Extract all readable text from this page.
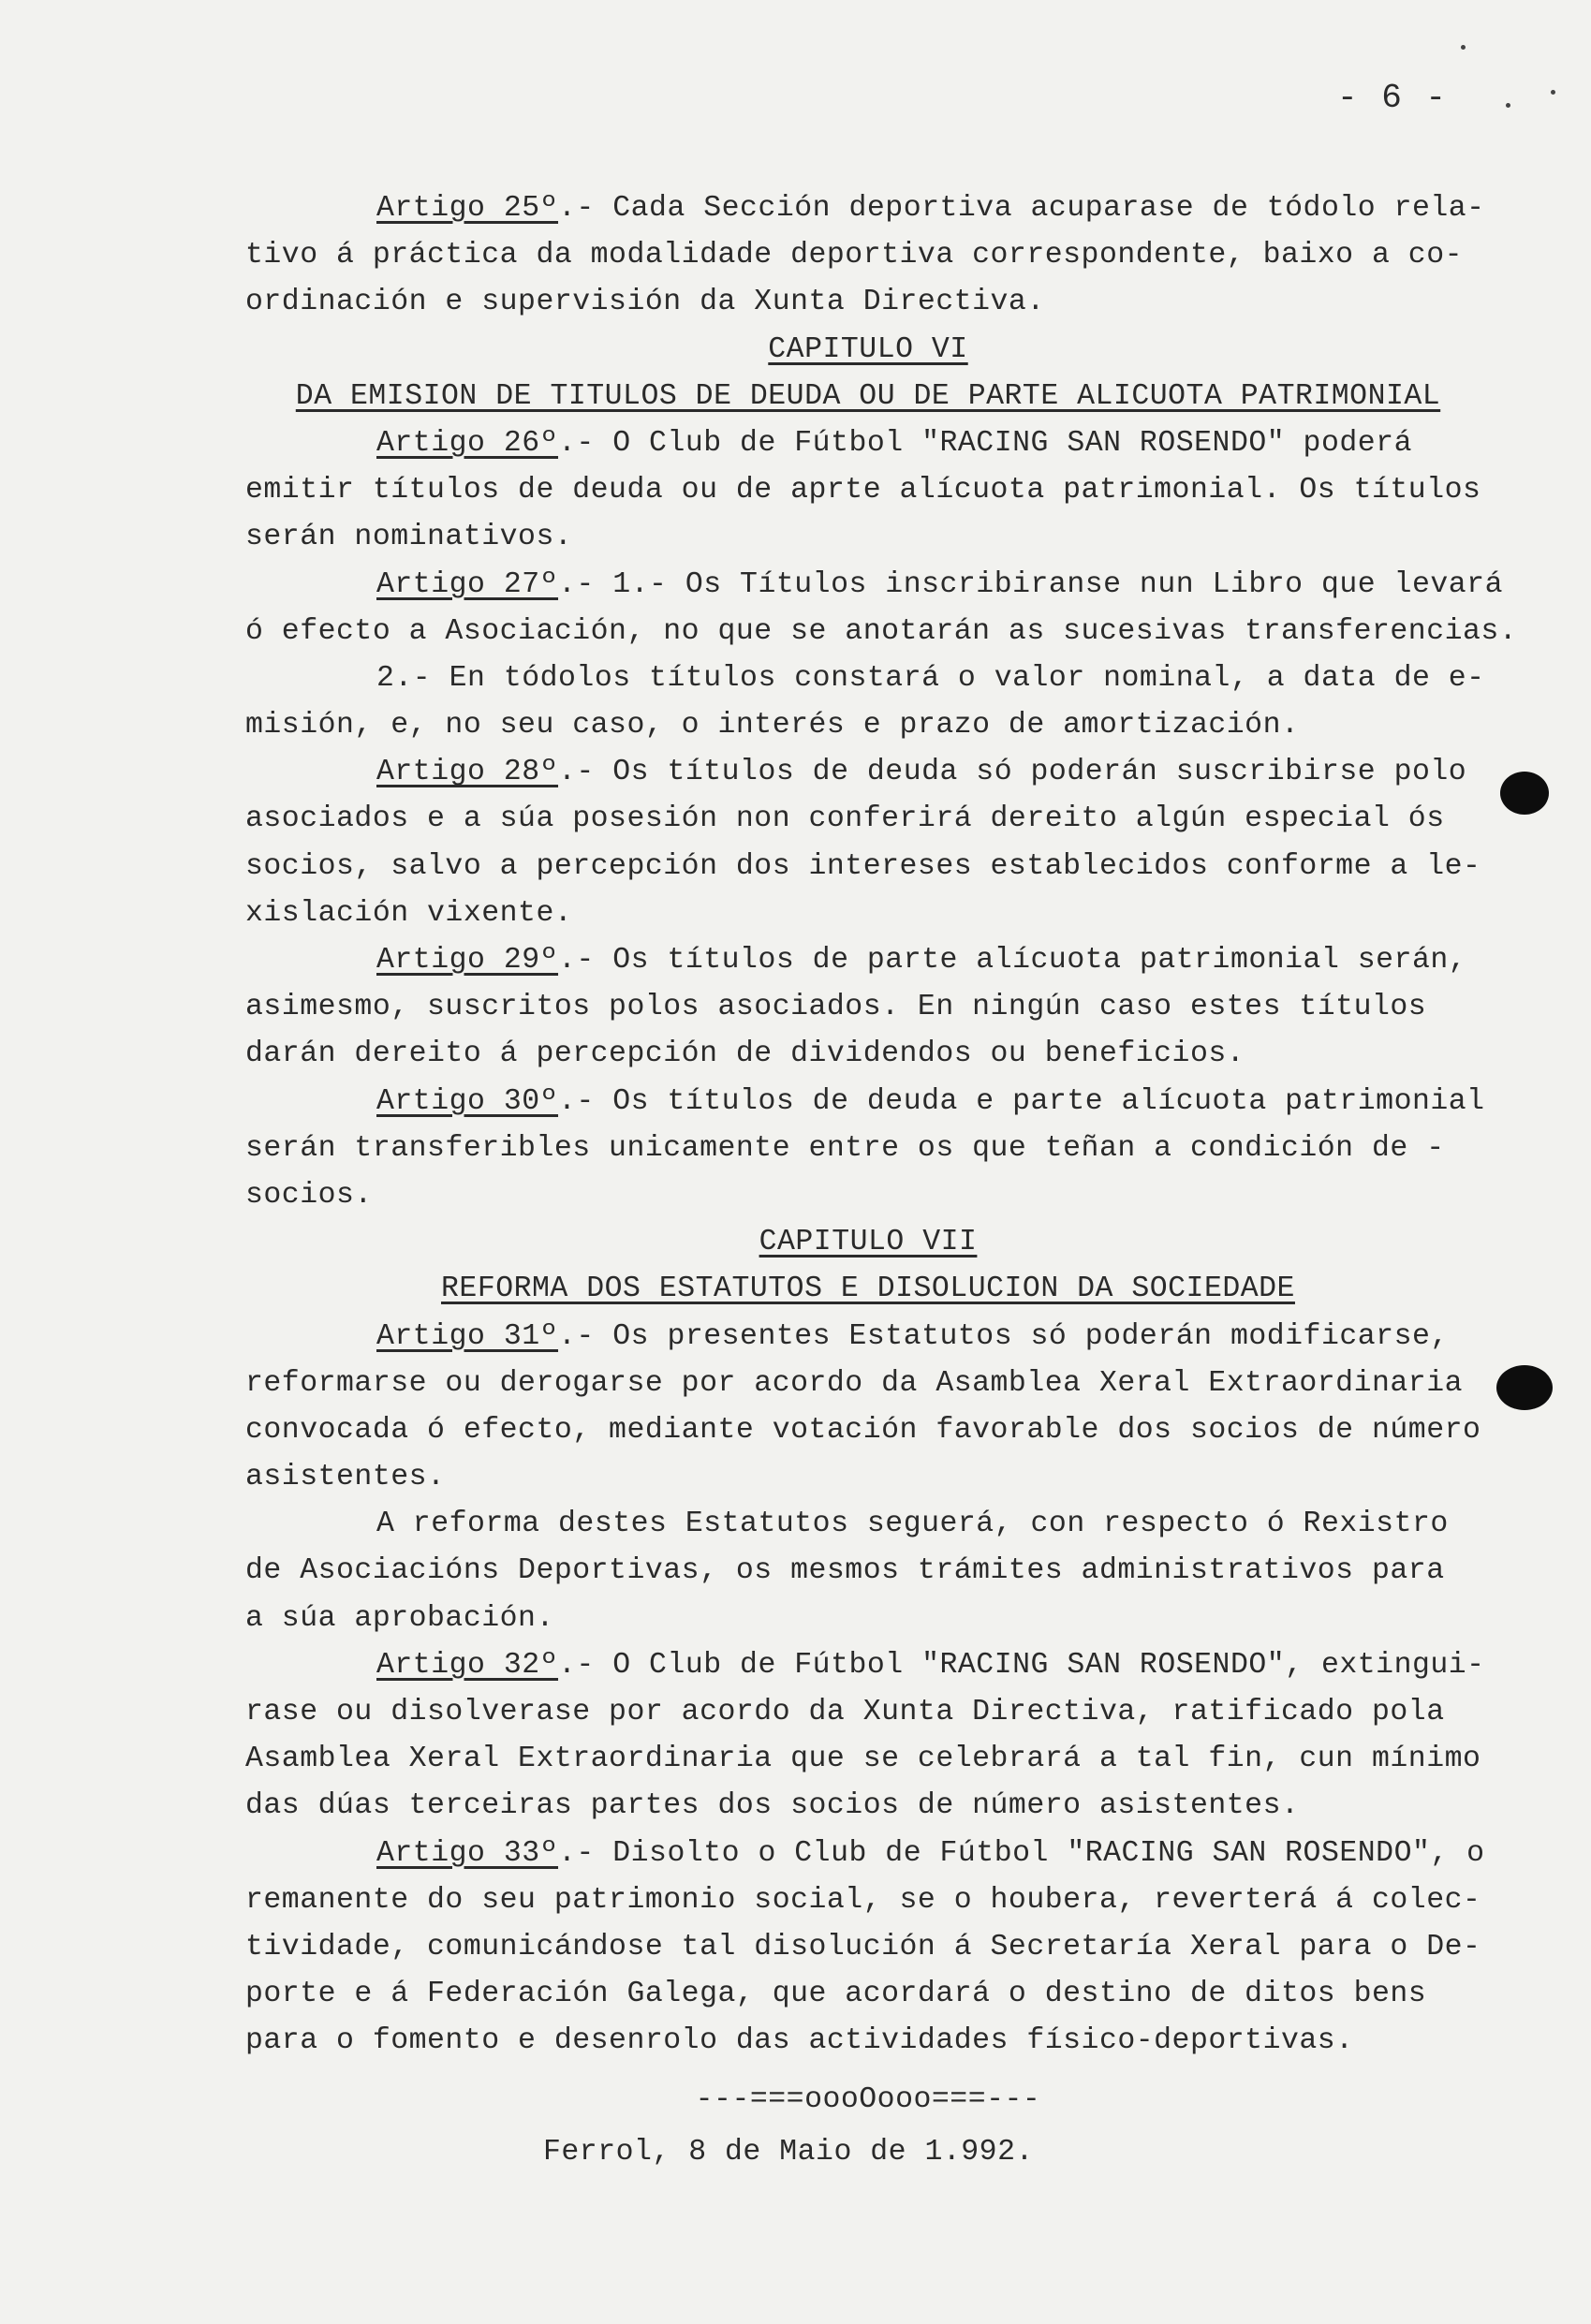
- 6 -
Artigo 25º.- Cada Sección deportiva acuparase de tódolo rela-
tivo á práctica da modalidade deportiva correspondente, baixo a co-
ordinación e supervisión da Xunta Directiva.
CAPITULO VI
DA EMISION DE TITULOS DE DEUDA OU DE PARTE ALICUOTA PATRIMONIAL
Artigo 26º.- O Club de Fútbol "RACING SAN ROSENDO" poderá
emitir títulos de deuda ou de aprte alícuota patrimonial. Os títulos
serán nominativos.
Artigo 27º.- 1.- Os Títulos inscribiranse nun Libro que levará
ó efecto a Asociación, no que se anotarán as sucesivas transferencias.
2.- En tódolos títulos constará o valor nominal, a data de e-
misión, e, no seu caso, o interés e prazo de amortización.
Artigo 28º.- Os títulos de deuda só poderán suscribirse polo
asociados e a súa posesión non conferirá dereito algún especial ós
socios, salvo a percepción dos intereses establecidos conforme a le-
xislación vixente.
Artigo 29º.- Os títulos de parte alícuota patrimonial serán,
asimesmo, suscritos polos asociados. En ningún caso estes títulos
darán dereito á percepción de dividendos ou beneficios.
Artigo 30º.- Os títulos de deuda e parte alícuota patrimonial
serán transferibles unicamente entre os que teñan a condición de -
socios.
CAPITULO VII
REFORMA DOS ESTATUTOS E DISOLUCION DA SOCIEDADE
Artigo 31º.- Os presentes Estatutos só poderán modificarse,
reformarse ou derogarse por acordo da Asamblea Xeral Extraordinaria
convocada ó efecto, mediante votación favorable dos socios de número
asistentes.
A reforma destes Estatutos seguerá, con respecto ó Rexistro
de Asociacións Deportivas, os mesmos trámites administrativos para
a súa aprobación.
Artigo 32º.- O Club de Fútbol "RACING SAN ROSENDO", extingui-
rase ou disolverase por acordo da Xunta Directiva, ratificado pola
Asamblea Xeral Extraordinaria que se celebrará a tal fin, cun mínimo
das dúas terceiras partes dos socios de número asistentes.
Artigo 33º.- Disolto o Club de Fútbol "RACING SAN ROSENDO", o
remanente do seu patrimonio social, se o houbera, reverterá á colec-
tividade, comunicándose tal disolución á Secretaría Xeral para o De-
porte e á Federación Galega, que acordará o destino de ditos bens
para o fomento e desenrolo das actividades físico-deportivas.
---===oooOooo===---
Ferrol, 8 de Maio de 1.992.
